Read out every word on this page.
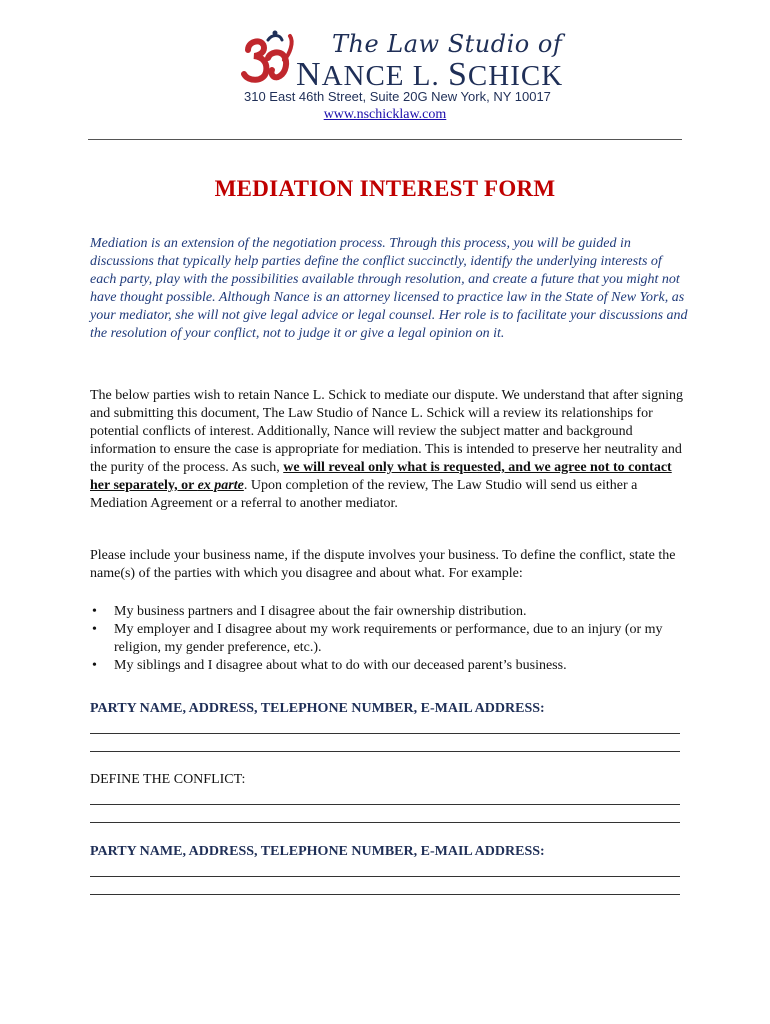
The Law Studio of
NANCE L. SCHICK
310 East 46th Street, Suite 20G New York, NY 10017
www.nschicklaw.com
MEDIATION INTEREST FORM
Mediation is an extension of the negotiation process. Through this process, you will be guided in discussions that typically help parties define the conflict succinctly, identify the underlying interests of each party, play with the possibilities available through resolution, and create a future that you might not have thought possible. Although Nance is an attorney licensed to practice law in the State of New York, as your mediator, she will not give legal advice or legal counsel. Her role is to facilitate your discussions and the resolution of your conflict, not to judge it or give a legal opinion on it.
The below parties wish to retain Nance L. Schick to mediate our dispute. We understand that after signing and submitting this document, The Law Studio of Nance L. Schick will a review its relationships for potential conflicts of interest. Additionally, Nance will review the subject matter and background information to ensure the case is appropriate for mediation. This is intended to preserve her neutrality and the purity of the process. As such, we will reveal only what is requested, and we agree not to contact her separately, or ex parte. Upon completion of the review, The Law Studio will send us either a Mediation Agreement or a referral to another mediator.
Please include your business name, if the dispute involves your business. To define the conflict, state the name(s) of the parties with which you disagree and about what. For example:
• My business partners and I disagree about the fair ownership distribution.
• My employer and I disagree about my work requirements or performance, due to an injury (or my religion, my gender preference, etc.).
• My siblings and I disagree about what to do with our deceased parent’s business.
PARTY NAME, ADDRESS, TELEPHONE NUMBER, E-MAIL ADDRESS:
DEFINE THE CONFLICT:
PARTY NAME, ADDRESS, TELEPHONE NUMBER, E-MAIL ADDRESS:
